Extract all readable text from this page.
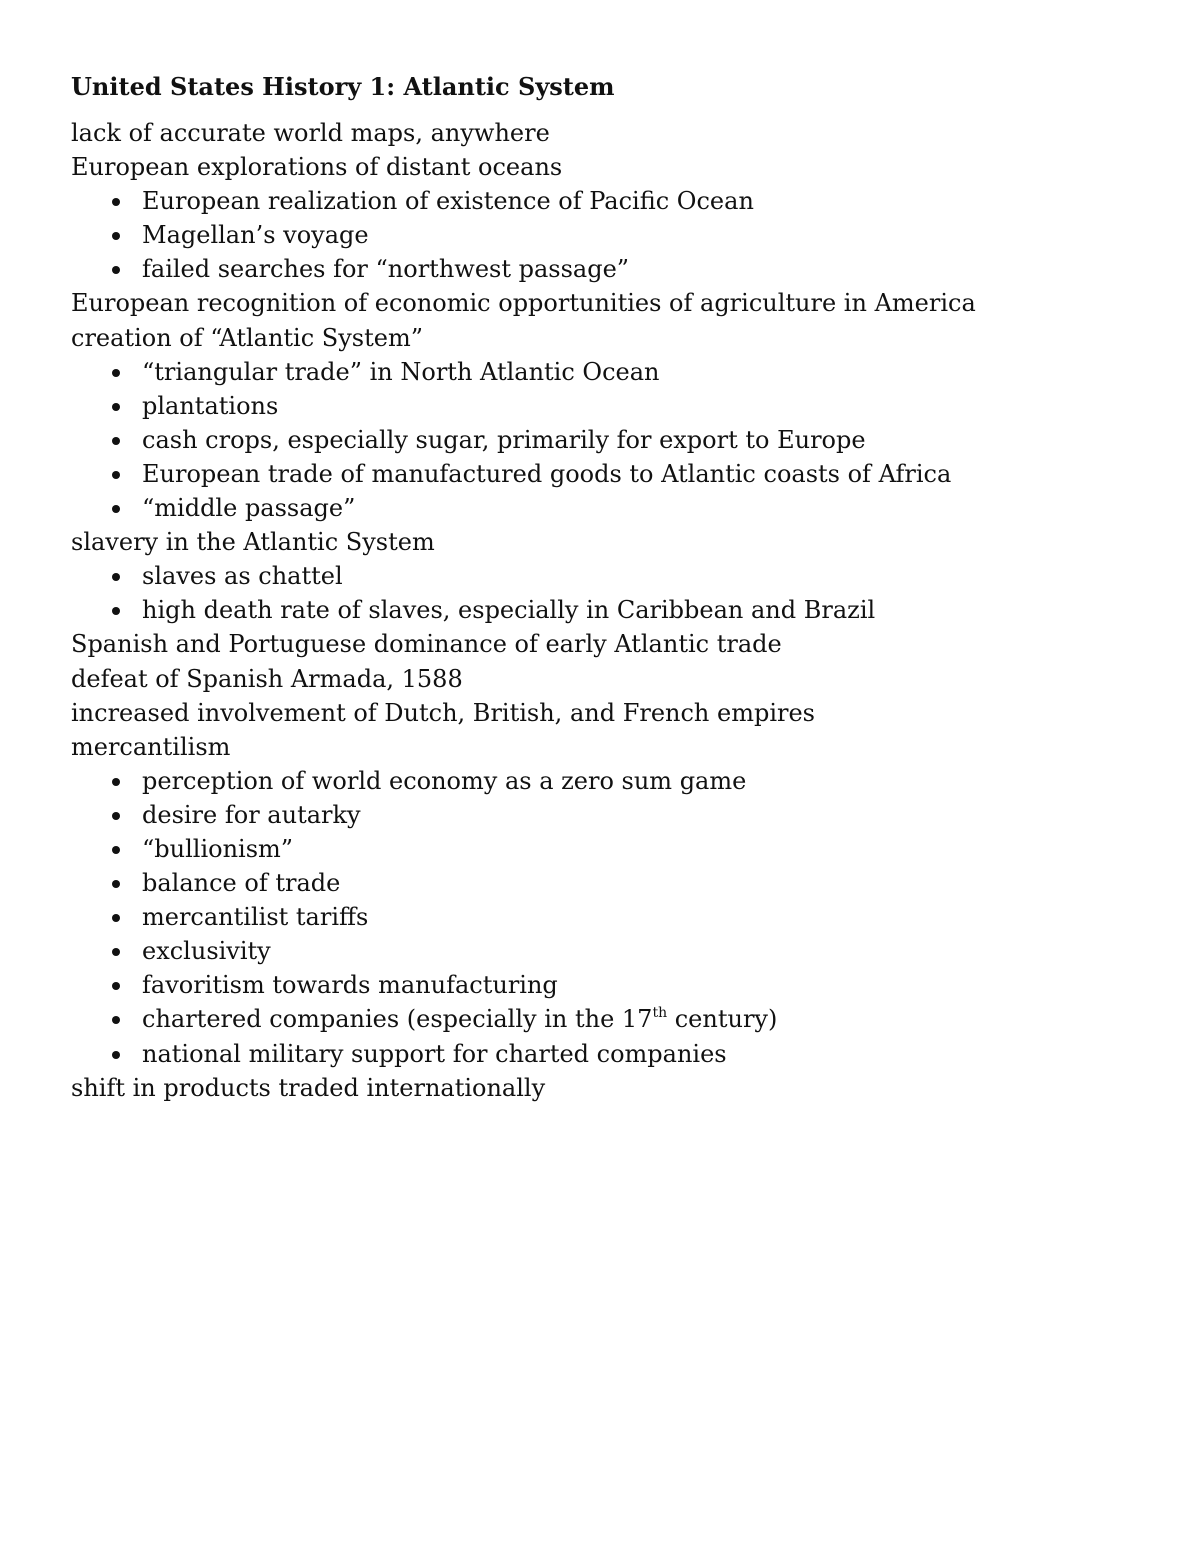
United States History 1: Atlantic System
lack of accurate world maps, anywhere
European explorations of distant oceans
European realization of existence of Pacific Ocean
Magellan’s voyage
failed searches for “northwest passage”
European recognition of economic opportunities of agriculture in America
creation of “Atlantic System”
“triangular trade” in North Atlantic Ocean
plantations
cash crops, especially sugar, primarily for export to Europe
European trade of manufactured goods to Atlantic coasts of Africa
“middle passage”
slavery in the Atlantic System
slaves as chattel
high death rate of slaves, especially in Caribbean and Brazil
Spanish and Portuguese dominance of early Atlantic trade
defeat of Spanish Armada, 1588
increased involvement of Dutch, British, and French empires
mercantilism
perception of world economy as a zero sum game
desire for autarky
“bullionism”
balance of trade
mercantilist tariffs
exclusivity
favoritism towards manufacturing
chartered companies (especially in the 17th century)
national military support for charted companies
shift in products traded internationally
